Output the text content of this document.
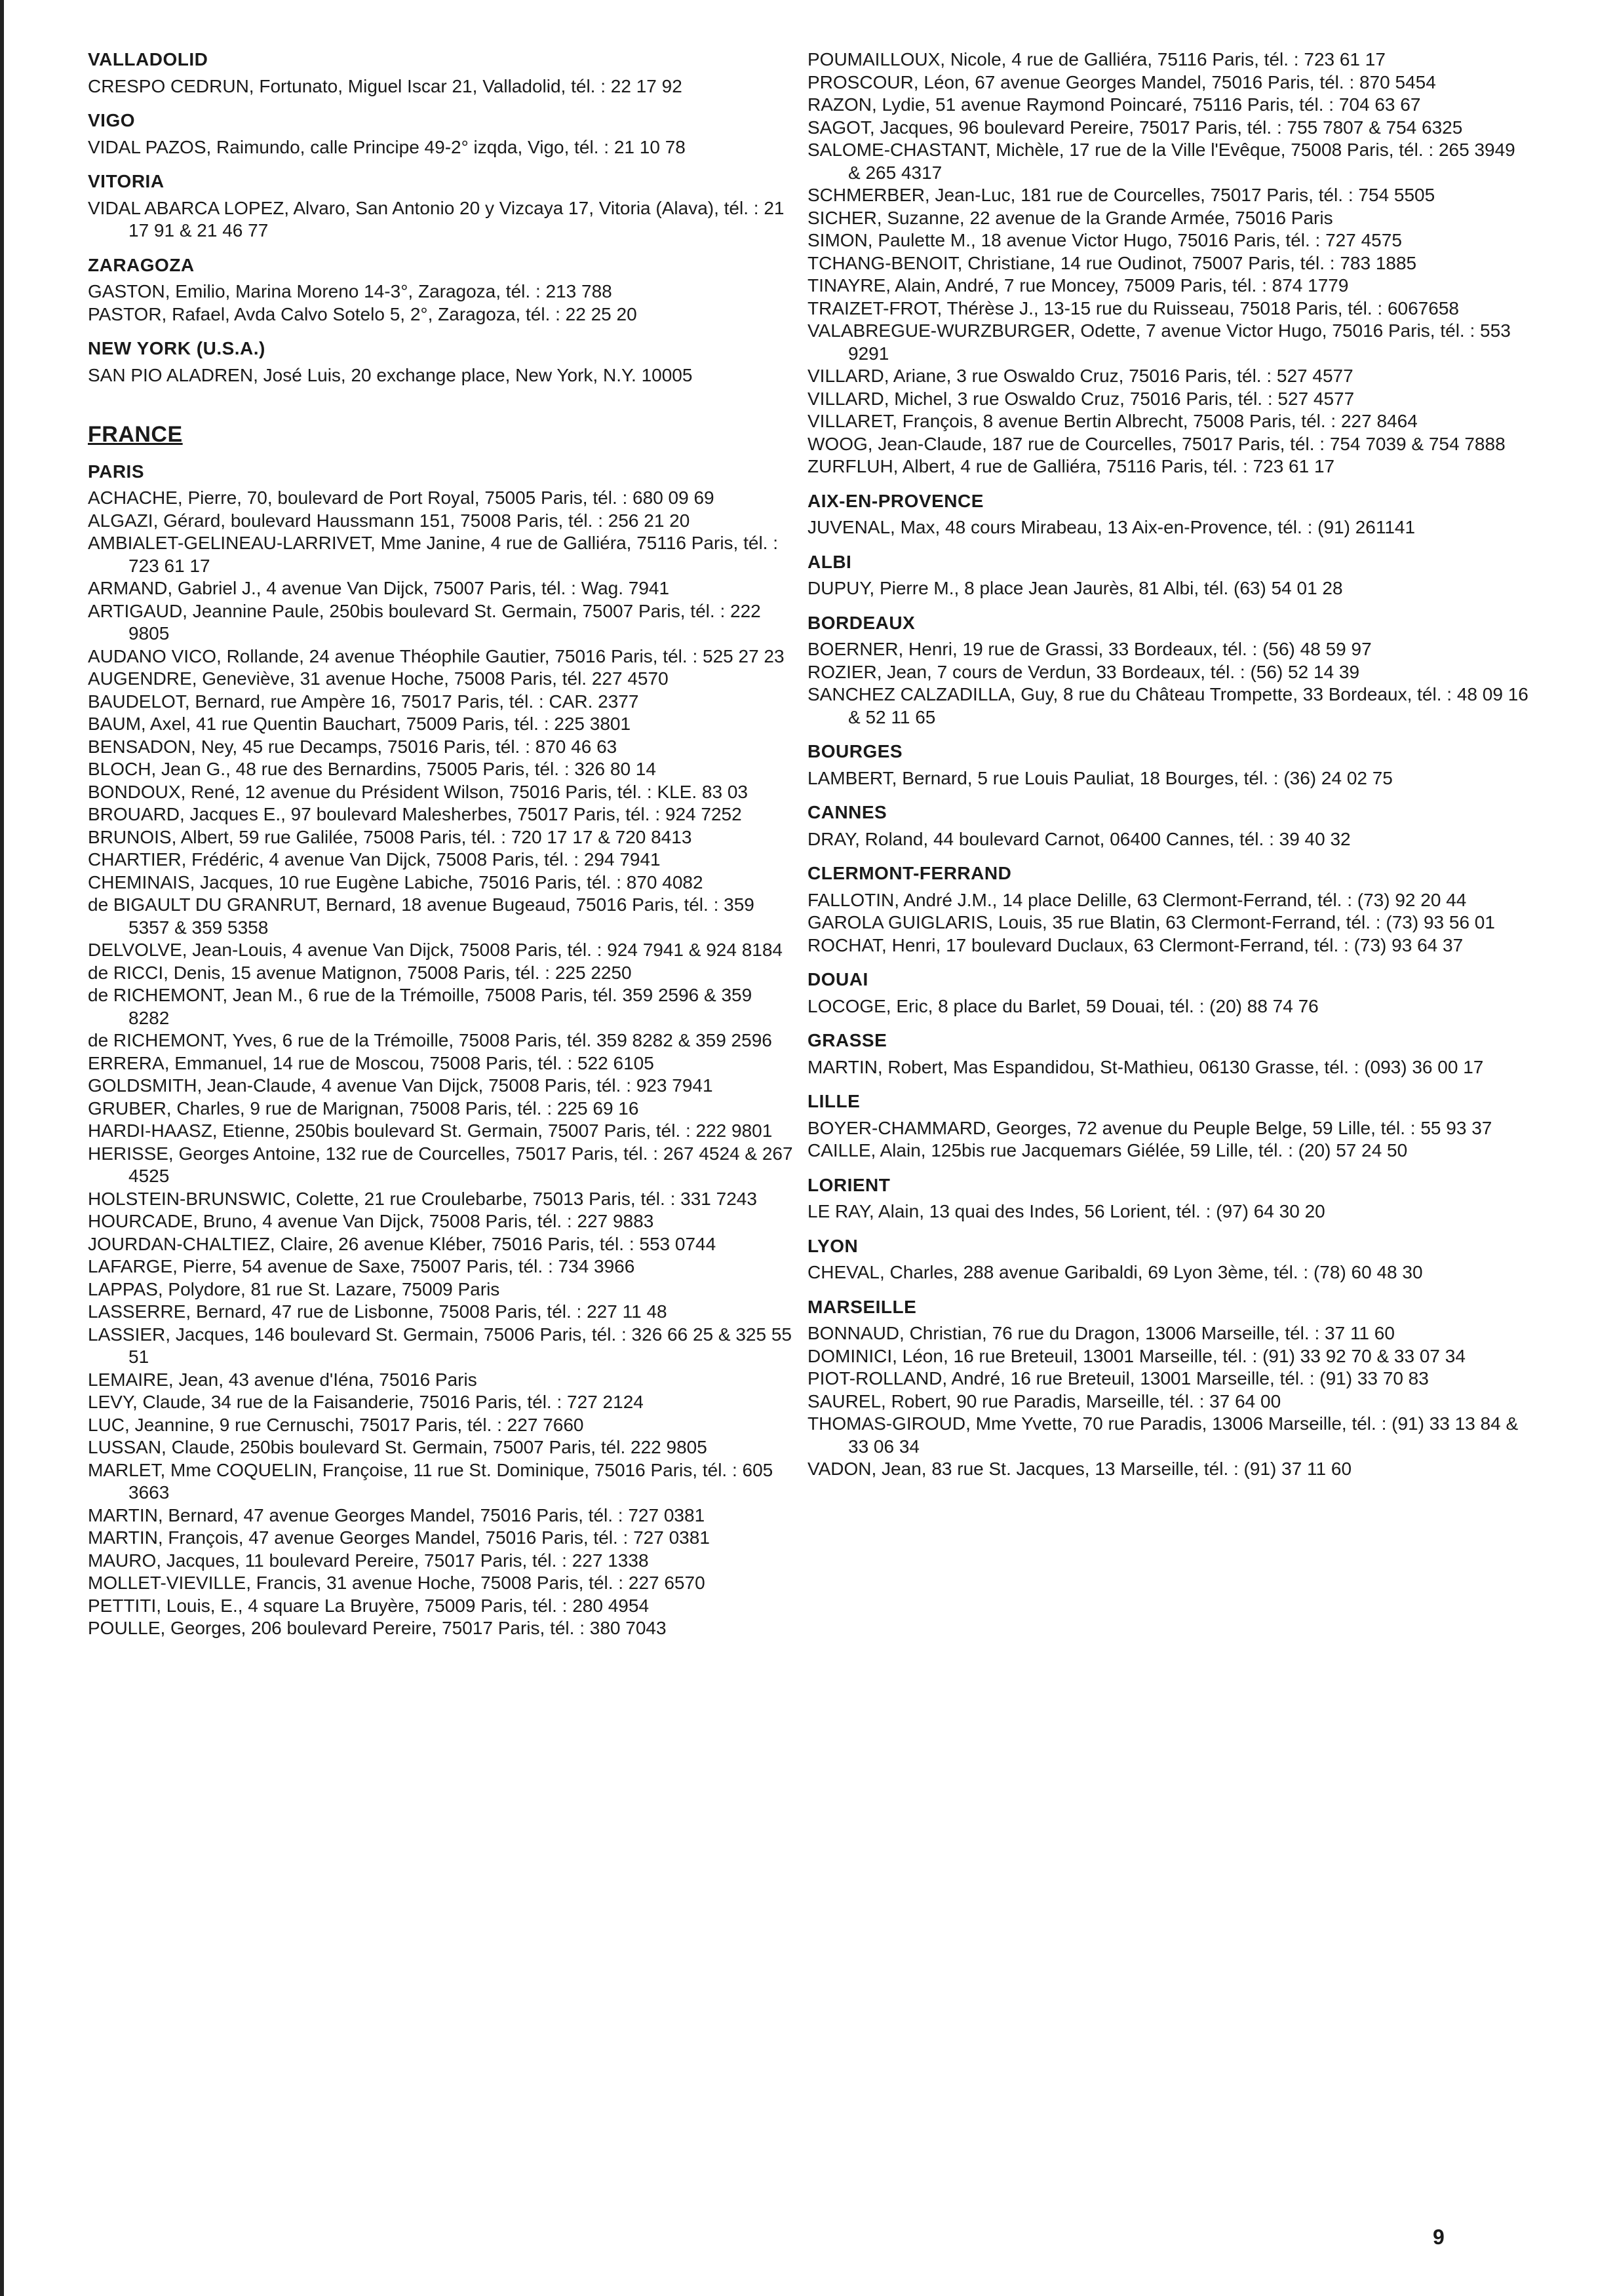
VALLADOLID
CRESPO CEDRUN, Fortunato, Miguel Iscar 21, Valladolid, tél. : 22 17 92
VIGO
VIDAL PAZOS, Raimundo, calle Principe 49-2° izqda, Vigo, tél. : 21 10 78
VITORIA
VIDAL ABARCA LOPEZ, Alvaro, San Antonio 20 y Vizcaya 17, Vitoria (Alava), tél. : 21 17 91 & 21 46 77
ZARAGOZA
GASTON, Emilio, Marina Moreno 14-3°, Zaragoza, tél. : 213 788
PASTOR, Rafael, Avda Calvo Sotelo 5, 2°, Zaragoza, tél. : 22 25 20
NEW YORK (U.S.A.)
SAN PIO ALADREN, José Luis, 20 exchange place, New York, N.Y. 10005
FRANCE
PARIS
ACHACHE, Pierre, 70, boulevard de Port Royal, 75005 Paris, tél. : 680 09 69
ALGAZI, Gérard, boulevard Haussmann 151, 75008 Paris, tél. : 256 21 20
AMBIALET-GELINEAU-LARRIVET, Mme Janine, 4 rue de Galliéra, 75116 Paris, tél. : 723 61 17
ARMAND, Gabriel J., 4 avenue Van Dijck, 75007 Paris, tél. : Wag. 7941
ARTIGAUD, Jeannine Paule, 250bis boulevard St. Germain, 75007 Paris, tél. : 222 9805
AUDANO VICO, Rollande, 24 avenue Théophile Gautier, 75016 Paris, tél. : 525 27 23
AUGENDRE, Geneviève, 31 avenue Hoche, 75008 Paris, tél. 227 4570
BAUDELOT, Bernard, rue Ampère 16, 75017 Paris, tél. : CAR. 2377
BAUM, Axel, 41 rue Quentin Bauchart, 75009 Paris, tél. : 225 3801
BENSADON, Ney, 45 rue Decamps, 75016 Paris, tél. : 870 46 63
BLOCH, Jean G., 48 rue des Bernardins, 75005 Paris, tél. : 326 80 14
BONDOUX, René, 12 avenue du Président Wilson, 75016 Paris, tél. : KLE. 83 03
BROUARD, Jacques E., 97 boulevard Malesherbes, 75017 Paris, tél. : 924 7252
BRUNOIS, Albert, 59 rue Galilée, 75008 Paris, tél. : 720 17 17 & 720 8413
CHARTIER, Frédéric, 4 avenue Van Dijck, 75008 Paris, tél. : 294 7941
CHEMINAIS, Jacques, 10 rue Eugène Labiche, 75016 Paris, tél. : 870 4082
de BIGAULT DU GRANRUT, Bernard, 18 avenue Bugeaud, 75016 Paris, tél. : 359 5357 & 359 5358
DELVOLVE, Jean-Louis, 4 avenue Van Dijck, 75008 Paris, tél. : 924 7941 & 924 8184
de RICCI, Denis, 15 avenue Matignon, 75008 Paris, tél. : 225 2250
de RICHEMONT, Jean M., 6 rue de la Trémoille, 75008 Paris, tél. 359 2596 & 359 8282
de RICHEMONT, Yves, 6 rue de la Trémoille, 75008 Paris, tél. 359 8282 & 359 2596
ERRERA, Emmanuel, 14 rue de Moscou, 75008 Paris, tél. : 522 6105
GOLDSMITH, Jean-Claude, 4 avenue Van Dijck, 75008 Paris, tél. : 923 7941
GRUBER, Charles, 9 rue de Marignan, 75008 Paris, tél. : 225 69 16
HARDI-HAASZ, Etienne, 250bis boulevard St. Germain, 75007 Paris, tél. : 222 9801
HERISSE, Georges Antoine, 132 rue de Courcelles, 75017 Paris, tél. : 267 4524 & 267 4525
HOLSTEIN-BRUNSWIC, Colette, 21 rue Croulebarbe, 75013 Paris, tél. : 331 7243
HOURCADE, Bruno, 4 avenue Van Dijck, 75008 Paris, tél. : 227 9883
JOURDAN-CHALTIEZ, Claire, 26 avenue Kléber, 75016 Paris, tél. : 553 0744
LAFARGE, Pierre, 54 avenue de Saxe, 75007 Paris, tél. : 734 3966
LAPPAS, Polydore, 81 rue St. Lazare, 75009 Paris
LASSERRE, Bernard, 47 rue de Lisbonne, 75008 Paris, tél. : 227 11 48
LASSIER, Jacques, 146 boulevard St. Germain, 75006 Paris, tél. : 326 66 25 & 325 55 51
LEMAIRE, Jean, 43 avenue d'Iéna, 75016 Paris
LEVY, Claude, 34 rue de la Faisanderie, 75016 Paris, tél. : 727 2124
LUC, Jeannine, 9 rue Cernuschi, 75017 Paris, tél. : 227 7660
LUSSAN, Claude, 250bis boulevard St. Germain, 75007 Paris, tél. 222 9805
MARLET, Mme COQUELIN, Françoise, 11 rue St. Dominique, 75016 Paris, tél. : 605 3663
MARTIN, Bernard, 47 avenue Georges Mandel, 75016 Paris, tél. : 727 0381
MARTIN, François, 47 avenue Georges Mandel, 75016 Paris, tél. : 727 0381
MAURO, Jacques, 11 boulevard Pereire, 75017 Paris, tél. : 227 1338
MOLLET-VIEVILLE, Francis, 31 avenue Hoche, 75008 Paris, tél. : 227 6570
PETTITI, Louis, E., 4 square La Bruyère, 75009 Paris, tél. : 280 4954
POULLE, Georges, 206 boulevard Pereire, 75017 Paris, tél. : 380 7043
POUMAILLOUX, Nicole, 4 rue de Galliéra, 75116 Paris, tél. : 723 61 17
PROSCOUR, Léon, 67 avenue Georges Mandel, 75016 Paris, tél. : 870 5454
RAZON, Lydie, 51 avenue Raymond Poincaré, 75116 Paris, tél. : 704 63 67
SAGOT, Jacques, 96 boulevard Pereire, 75017 Paris, tél. : 755 7807 & 754 6325
SALOME-CHASTANT, Michèle, 17 rue de la Ville l'Evêque, 75008 Paris, tél. : 265 3949 & 265 4317
SCHMERBER, Jean-Luc, 181 rue de Courcelles, 75017 Paris, tél. : 754 5505
SICHER, Suzanne, 22 avenue de la Grande Armée, 75016 Paris
SIMON, Paulette M., 18 avenue Victor Hugo, 75016 Paris, tél. : 727 4575
TCHANG-BENOIT, Christiane, 14 rue Oudinot, 75007 Paris, tél. : 783 1885
TINAYRE, Alain, André, 7 rue Moncey, 75009 Paris, tél. : 874 1779
TRAIZET-FROT, Thérèse J., 13-15 rue du Ruisseau, 75018 Paris, tél. : 6067658
VALABREGUE-WURZBURGER, Odette, 7 avenue Victor Hugo, 75016 Paris, tél. : 553 9291
VILLARD, Ariane, 3 rue Oswaldo Cruz, 75016 Paris, tél. : 527 4577
VILLARD, Michel, 3 rue Oswaldo Cruz, 75016 Paris, tél. : 527 4577
VILLARET, François, 8 avenue Bertin Albrecht, 75008 Paris, tél. : 227 8464
WOOG, Jean-Claude, 187 rue de Courcelles, 75017 Paris, tél. : 754 7039 & 754 7888
ZURFLUH, Albert, 4 rue de Galliéra, 75116 Paris, tél. : 723 61 17
AIX-EN-PROVENCE
JUVENAL, Max, 48 cours Mirabeau, 13 Aix-en-Provence, tél. : (91) 261141
ALBI
DUPUY, Pierre M., 8 place Jean Jaurès, 81 Albi, tél. (63) 54 01 28
BORDEAUX
BOERNER, Henri, 19 rue de Grassi, 33 Bordeaux, tél. : (56) 48 59 97
ROZIER, Jean, 7 cours de Verdun, 33 Bordeaux, tél. : (56) 52 14 39
SANCHEZ CALZADILLA, Guy, 8 rue du Château Trompette, 33 Bordeaux, tél. : 48 09 16 & 52 11 65
BOURGES
LAMBERT, Bernard, 5 rue Louis Pauliat, 18 Bourges, tél. : (36) 24 02 75
CANNES
DRAY, Roland, 44 boulevard Carnot, 06400 Cannes, tél. : 39 40 32
CLERMONT-FERRAND
FALLOTIN, André J.M., 14 place Delille, 63 Clermont-Ferrand, tél. : (73) 92 20 44
GAROLA GUIGLARIS, Louis, 35 rue Blatin, 63 Clermont-Ferrand, tél. : (73) 93 56 01
ROCHAT, Henri, 17 boulevard Duclaux, 63 Clermont-Ferrand, tél. : (73) 93 64 37
DOUAI
LOCOGE, Eric, 8 place du Barlet, 59 Douai, tél. : (20) 88 74 76
GRASSE
MARTIN, Robert, Mas Espandidou, St-Mathieu, 06130 Grasse, tél. : (093) 36 00 17
LILLE
BOYER-CHAMMARD, Georges, 72 avenue du Peuple Belge, 59 Lille, tél. : 55 93 37
CAILLE, Alain, 125bis rue Jacquemars Giélée, 59 Lille, tél. : (20) 57 24 50
LORIENT
LE RAY, Alain, 13 quai des Indes, 56 Lorient, tél. : (97) 64 30 20
LYON
CHEVAL, Charles, 288 avenue Garibaldi, 69 Lyon 3ème, tél. : (78) 60 48 30
MARSEILLE
BONNAUD, Christian, 76 rue du Dragon, 13006 Marseille, tél. : 37 11 60
DOMINICI, Léon, 16 rue Breteuil, 13001 Marseille, tél. : (91) 33 92 70 & 33 07 34
PIOT-ROLLAND, André, 16 rue Breteuil, 13001 Marseille, tél. : (91) 33 70 83
SAUREL, Robert, 90 rue Paradis, Marseille, tél. : 37 64 00
THOMAS-GIROUD, Mme Yvette, 70 rue Paradis, 13006 Marseille, tél. : (91) 33 13 84 & 33 06 34
VADON, Jean, 83 rue St. Jacques, 13 Marseille, tél. : (91) 37 11 60
9
